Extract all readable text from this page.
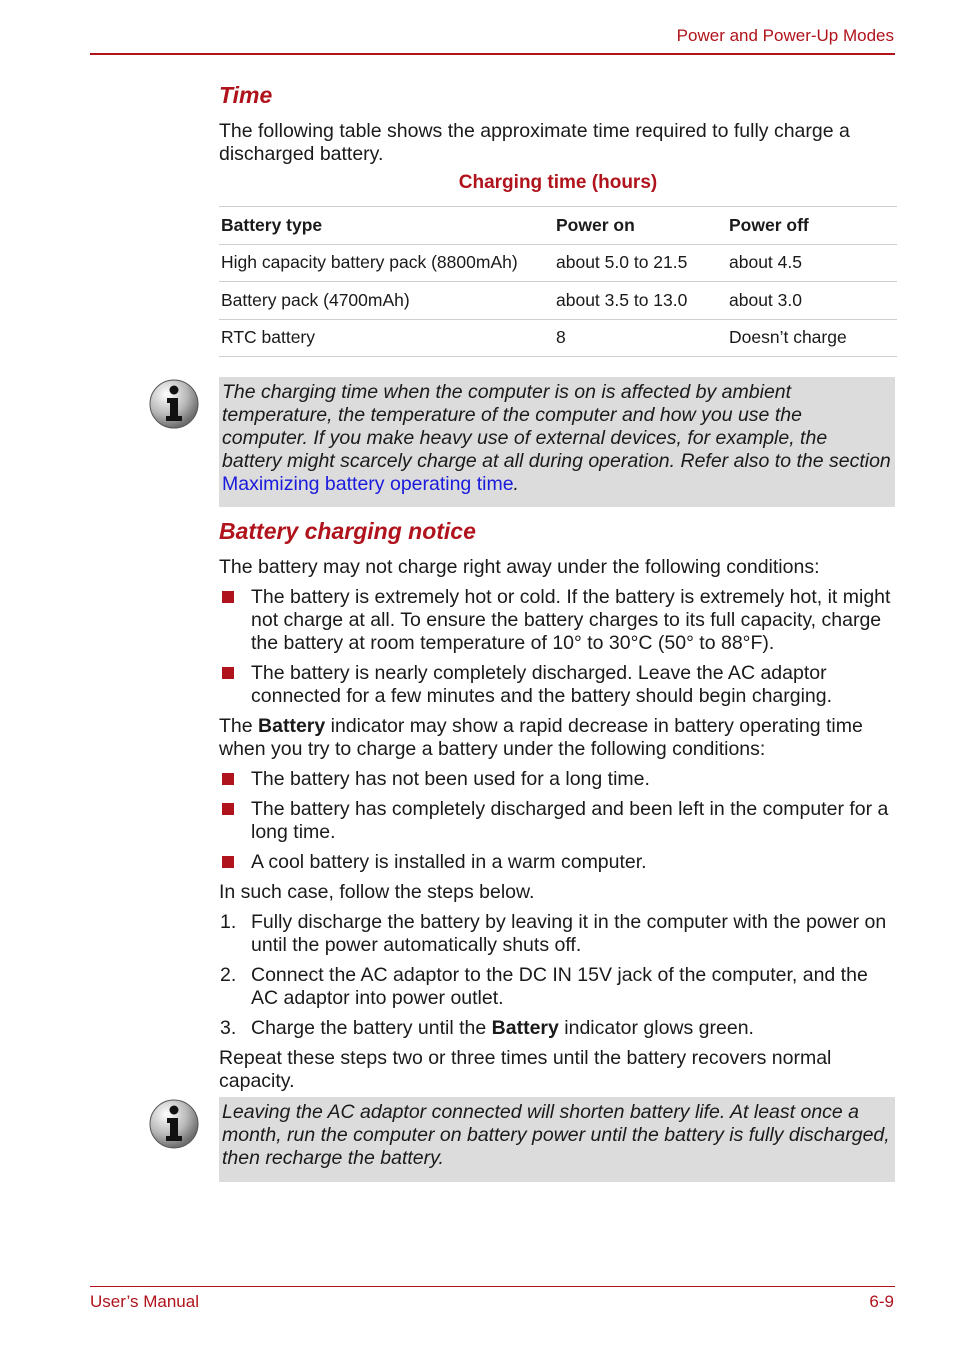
Power and Power-Up Modes
Time

The following table shows the approximate time required to fully charge a discharged battery.

Charging time (hours)
Battery type	Power on	Power off
High capacity battery pack (8800mAh)	about 5.0 to 21.5	about 4.5
Battery pack (4700mAh)	about 3.5 to 13.0	about 3.0
RTC battery	8	Doesn’t charge
The charging time when the computer is on is affected by ambient temperature, the temperature of the computer and how you use the computer. If you make heavy use of external devices, for example, the battery might scarcely charge at all during operation. Refer also to the section Maximizing battery operating time.
Battery charging notice

The battery may not charge right away under the following conditions:

The battery is extremely hot or cold. If the battery is extremely hot, it might not charge at all. To ensure the battery charges to its full capacity, charge the battery at room temperature of 10° to 30°C (50° to 88°F).
The battery is nearly completely discharged. Leave the AC adaptor connected for a few minutes and the battery should begin charging.

The Battery indicator may show a rapid decrease in battery operating time when you try to charge a battery under the following conditions:

The battery has not been used for a long time.
The battery has completely discharged and been left in the computer for a long time.
A cool battery is installed in a warm computer.

In such case, follow the steps below.

1. Fully discharge the battery by leaving it in the computer with the power on until the power automatically shuts off.
2. Connect the AC adaptor to the DC IN 15V jack of the computer, and the AC adaptor into power outlet.
3. Charge the battery until the Battery indicator glows green.

Repeat these steps two or three times until the battery recovers normal capacity.

Leaving the AC adaptor connected will shorten battery life. At least once a month, run the computer on battery power until the battery is fully discharged, then recharge the battery.
User’s Manual	6-9
